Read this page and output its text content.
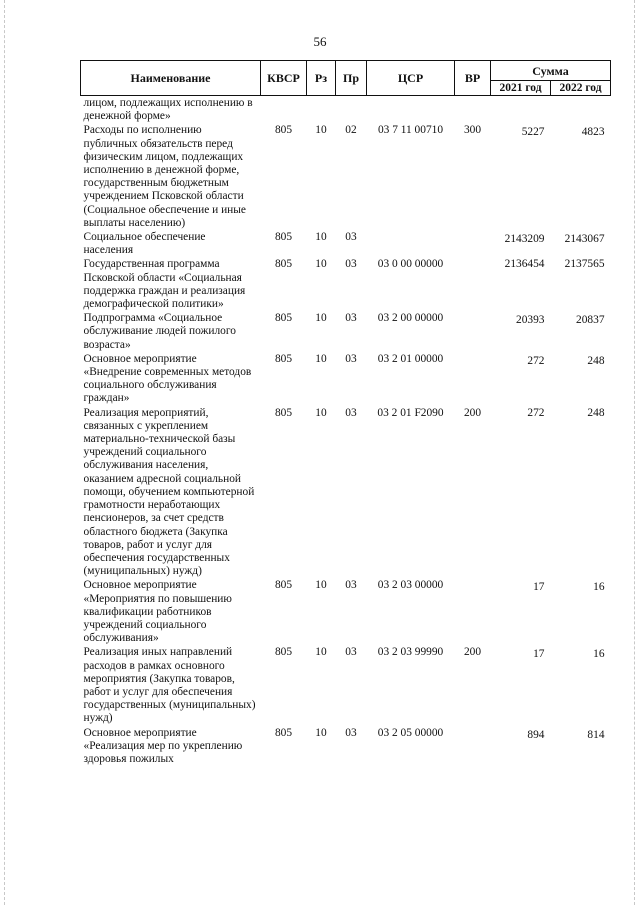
56
Наименование	КВСР	Рз	Пр	ЦСР	ВР	Сумма	
						2021 год	2022 год
лицом, подлежащих исполнению в денежной форме»							
Расходы по исполнению публичных обязательств перед физическим лицом, подлежащих исполнению в денежной форме, государственным бюджетным учреждением Псковской области (Социальное обеспечение и иные выплаты населению)	805	10	02	03 7 11 00710	300	5227	4823
Социальное обеспечение населения	805	10	03			2143209	2143067
Государственная программа Псковской области «Социальная поддержка граждан и реализация демографической политики»	805	10	03	03 0 00 00000		2136454	2137565
Подпрограмма «Социальное обслуживание людей пожилого возраста»	805	10	03	03 2 00 00000		20393	20837
Основное мероприятие «Внедрение современных методов социального обслуживания граждан»	805	10	03	03 2 01 00000		272	248
Реализация мероприятий, связанных с укреплением материально-технической базы учреждений социального обслуживания населения, оказанием адресной социальной помощи, обучением компьютерной грамотности неработающих пенсионеров, за счет средств областного бюджета (Закупка товаров, работ и услуг для обеспечения государственных (муниципальных) нужд)	805	10	03	03 2 01 F2090	200	272	248
Основное мероприятие «Мероприятия по повышению квалификации работников учреждений социального обслуживания»	805	10	03	03 2 03 00000		17	16
Реализация иных направлений расходов в рамках основного мероприятия (Закупка товаров, работ и услуг для обеспечения государственных (муниципальных) нужд)	805	10	03	03 2 03 99990	200	17	16
Основное мероприятие «Реализация мер по укреплению здоровья пожилых	805	10	03	03 2 05 00000		894	814
